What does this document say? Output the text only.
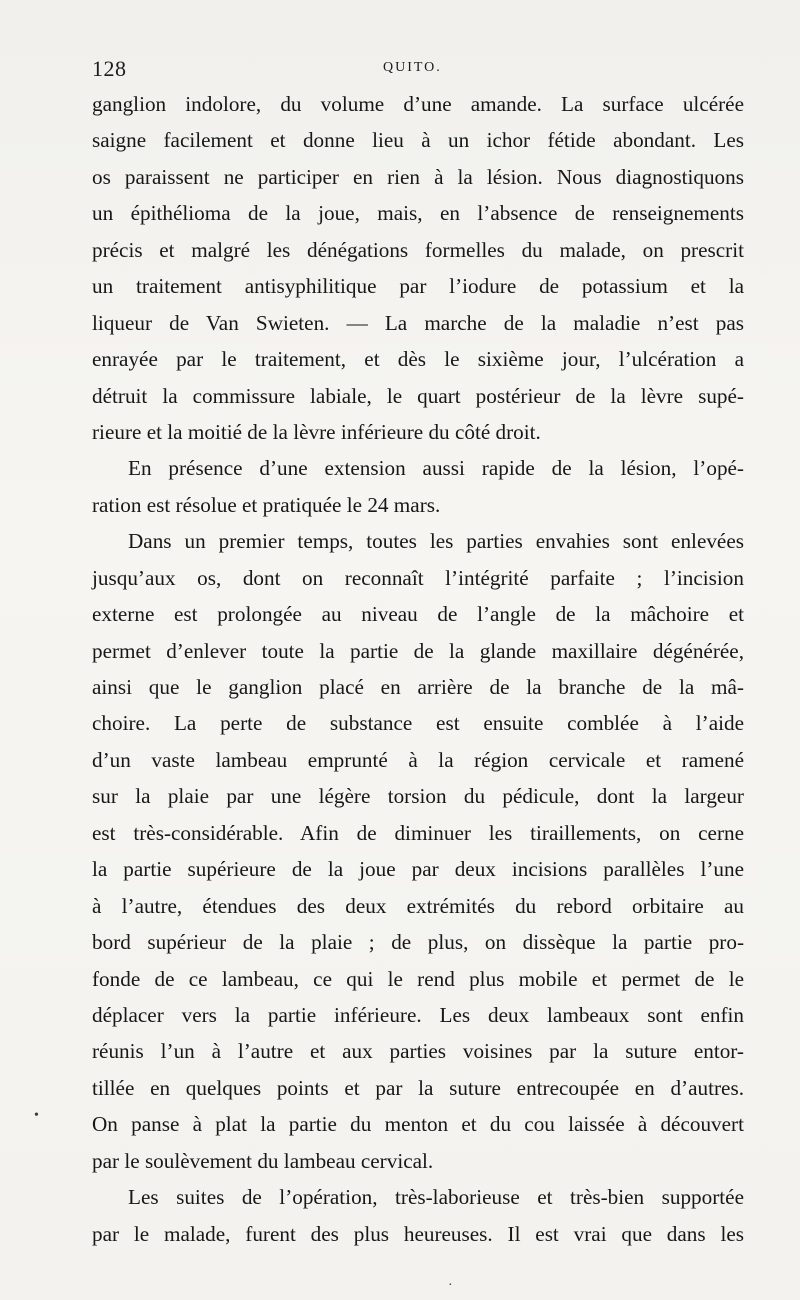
128	QUITO.
ganglion indolore, du volume d’une amande. La surface ulcérée
saigne facilement et donne lieu à un ichor fétide abondant. Les
os paraissent ne participer en rien à la lésion. Nous diagnostiquons
un épithélioma de la joue, mais, en l’absence de renseignements
précis et malgré les dénégations formelles du malade, on prescrit
un traitement antisyphilitique par l’iodure de potassium et la
liqueur de Van Swieten. — La marche de la maladie n’est pas
enrayée par le traitement, et dès le sixième jour, l’ulcération a
détruit la commissure labiale, le quart postérieur de la lèvre supé-
rieure et la moitié de la lèvre inférieure du côté droit.
En présence d’une extension aussi rapide de la lésion, l’opé-
ration est résolue et pratiquée le 24 mars.
Dans un premier temps, toutes les parties envahies sont enlevées
jusqu’aux os, dont on reconnaît l’intégrité parfaite ; l’incision
externe est prolongée au niveau de l’angle de la mâchoire et
permet d’enlever toute la partie de la glande maxillaire dégénérée,
ainsi que le ganglion placé en arrière de la branche de la mâ-
choire. La perte de substance est ensuite comblée à l’aide
d’un vaste lambeau emprunté à la région cervicale et ramené
sur la plaie par une légère torsion du pédicule, dont la largeur
est très-considérable. Afin de diminuer les tiraillements, on cerne
la partie supérieure de la joue par deux incisions parallèles l’une
à l’autre, étendues des deux extrémités du rebord orbitaire au
bord supérieur de la plaie ; de plus, on dissèque la partie pro-
fonde de ce lambeau, ce qui le rend plus mobile et permet de le
déplacer vers la partie inférieure. Les deux lambeaux sont enfin
réunis l’un à l’autre et aux parties voisines par la suture entor-
tillée en quelques points et par la suture entrecoupée en d’autres.
On panse à plat la partie du menton et du cou laissée à découvert
par le soulèvement du lambeau cervical.
Les suites de l’opération, très-laborieuse et très-bien supportée
par le malade, furent des plus heureuses. Il est vrai que dans les
•
·
